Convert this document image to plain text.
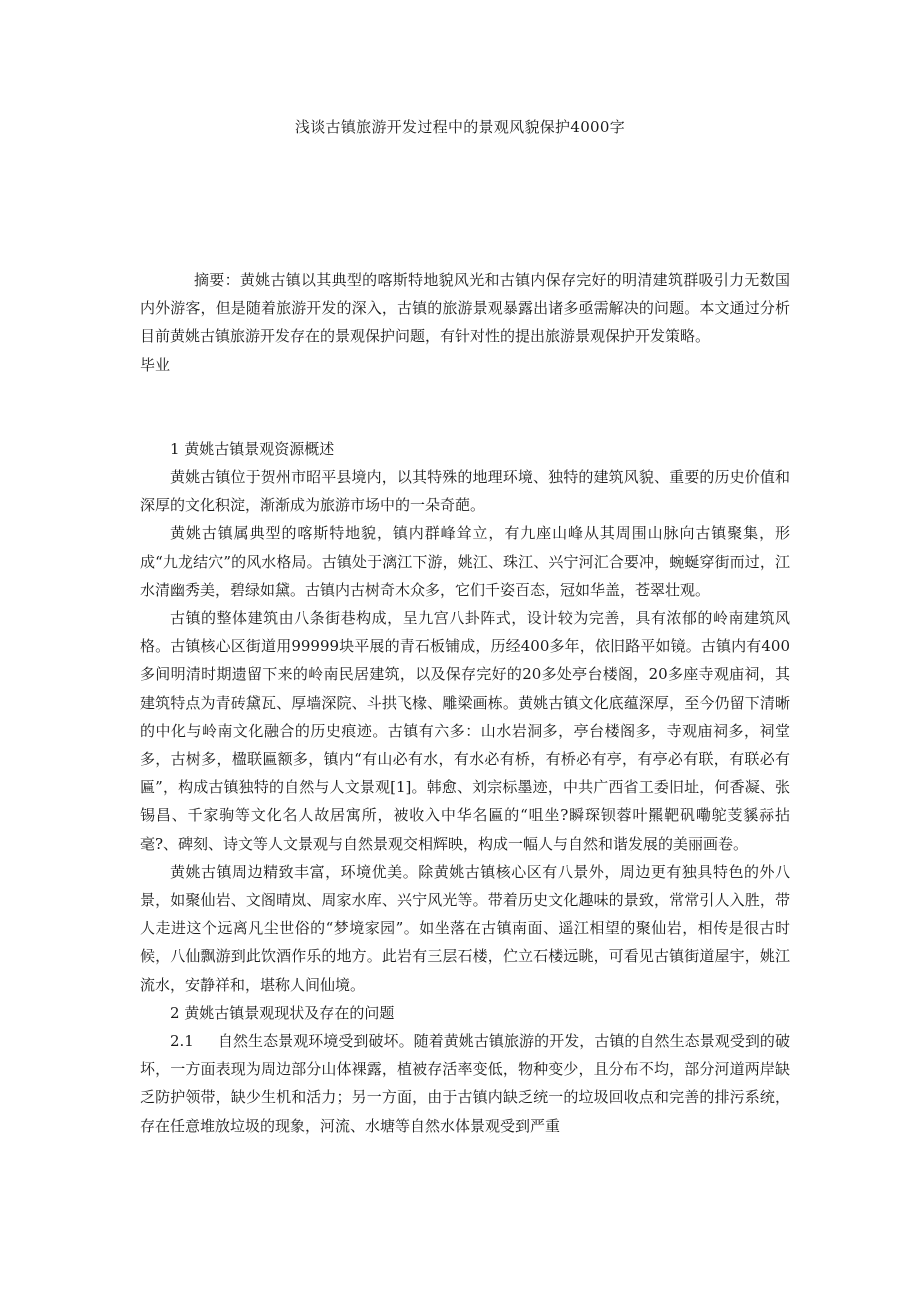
浅谈古镇旅游开发过程中的景观风貌保护4000字

摘要：黄姚古镇以其典型的喀斯特地貌风光和古镇内保存完好的明清建筑群吸引力无数国内外游客，但是随着旅游开发的深入，古镇的旅游景观暴露出诸多亟需解决的问题。本文通过分析目前黄姚古镇旅游开发存在的景观保护问题，有针对性的提出旅游景观保护开发策略。

毕业

1 黄姚古镇景观资源概述

黄姚古镇位于贺州市昭平县境内，以其特殊的地理环境、独特的建筑风貌、重要的历史价值和深厚的文化积淀，渐渐成为旅游市场中的一朵奇葩。

黄姚古镇属典型的喀斯特地貌，镇内群峰耸立，有九座山峰从其周围山脉向古镇聚集，形成“九龙结穴”的风水格局。古镇处于漓江下游，姚江、珠江、兴宁河汇合要冲，蜿蜒穿街而过，江水清幽秀美，碧绿如黛。古镇内古树奇木众多，它们千姿百态，冠如华盖，苍翠壮观。

古镇的整体建筑由八条街巷构成，呈九宫八卦阵式，设计较为完善，具有浓郁的岭南建筑风格。古镇核心区街道用99999块平展的青石板铺成，历经400多年，依旧路平如镜。古镇内有400多间明清时期遗留下来的岭南民居建筑，以及保存完好的20多处亭台楼阁，20多座寺观庙祠，其建筑特点为青砖黛瓦、厚墙深院、斗拱飞椽、雕梁画栋。黄姚古镇文化底蕴深厚，至今仍留下清晰的中化与岭南文化融合的历史痕迹。古镇有六多：山水岩洞多，亭台楼阁多，寺观庙祠多，祠堂多，古树多，楹联匾额多，镇内“有山必有水，有水必有桥，有桥必有亭，有亭必有联，有联必有匾”，构成古镇独特的自然与人文景观[1]。韩愈、刘宗标墨迹，中共广西省工委旧址，何香凝、张锡昌、千家驹等文化名人故居寓所，被收入中华名匾的“咀坐?瞬琛钡蓉叶羆靶矾嘞鸵芰貕祘拈毫?、碑刻、诗文等人文景观与自然景观交相辉映，构成一幅人与自然和谐发展的美丽画卷。

黄姚古镇周边精致丰富，环境优美。除黄姚古镇核心区有八景外，周边更有独具特色的外八景，如聚仙岩、文阁晴岚、周家水库、兴宁风光等。带着历史文化趣味的景致，常常引人入胜，带人走进这个远离凡尘世俗的“梦境家园”。如坐落在古镇南面、遥江相望的聚仙岩，相传是很古时候，八仙飘游到此饮酒作乐的地方。此岩有三层石楼，伫立石楼远眺，可看见古镇街道屋宇，姚江流水，安静祥和，堪称人间仙境。

2 黄姚古镇景观现状及存在的问题

2.1 自然生态景观环境受到破坏。随着黄姚古镇旅游的开发，古镇的自然生态景观受到的破坏，一方面表现为周边部分山体裸露，植被存活率变低，物种变少，且分布不均，部分河道两岸缺乏防护领带，缺少生机和活力；另一方面，由于古镇内缺乏统一的垃圾回收点和完善的排污系统，存在任意堆放垃圾的现象，河流、水塘等自然水体景观受到严重
